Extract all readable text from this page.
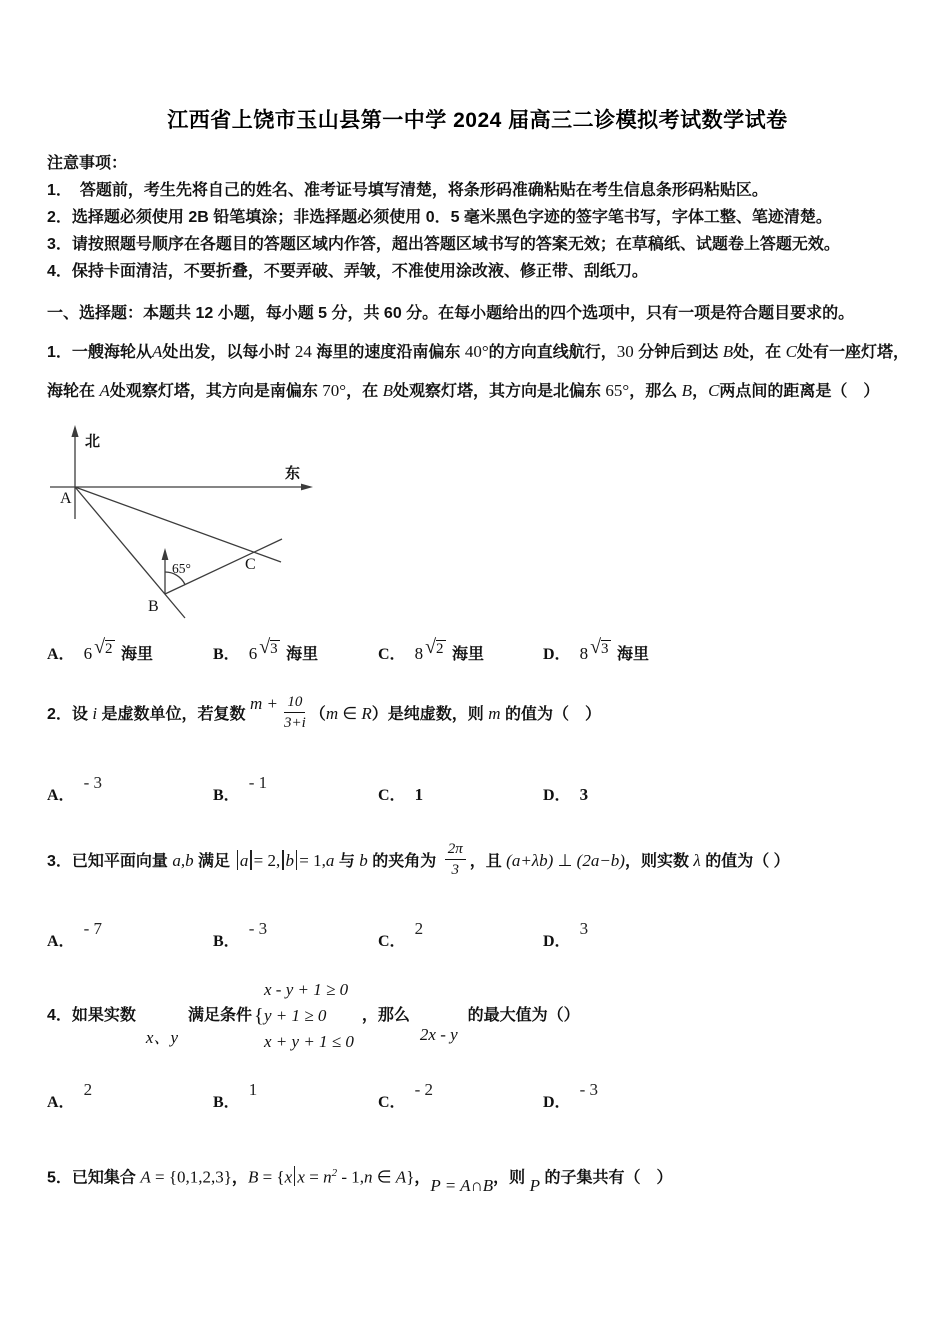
江西省上饶市玉山县第一中学 2024 届高三二诊模拟考试数学试卷
注意事项：
1．　答题前，考生先将自己的姓名、准考证号填写清楚，将条形码准确粘贴在考生信息条形码粘贴区。
2．选择题必须使用 2B 铅笔填涂；非选择题必须使用 0．5 毫米黑色字迹的签字笔书写，字体工整、笔迹清楚。
3．请按照题号顺序在各题目的答题区域内作答，超出答题区域书写的答案无效；在草稿纸、试题卷上答题无效。
4．保持卡面清洁，不要折叠，不要弄破、弄皱，不准使用涂改液、修正带、刮纸刀。
一、选择题：本题共 12 小题，每小题 5 分，共 60 分。在每小题给出的四个选项中，只有一项是符合题目要求的。

1．一艘海轮从A处出发，以每小时 24 海里的速度沿南偏东 40°的方向直线航行，30 分钟后到达 B处，在 C处有一座灯塔，海轮在 A处观察灯塔，其方向是南偏东 70°，在 B处观察灯塔，其方向是北偏东 65°，那么 B，C两点间的距离是（　）

北
东
A
B
C
65°
A． 6 √2 海里	B． 6 √3 海里	C． 8 √2 海里	D． 8 √3 海里

2．设 i 是虚数单位，若复数 $m + \frac{10}{3+i} (m$ ∈ R）是纯虚数，则 m 的值为（　）

A．- 3
B．- 1
C． 1	D． 3

3．已知平面向量 a,b 满足 a = 2, b = 1,a 与 b 的夹角为 $\frac{2\pi}{3}$ ，且 (a+λb) ⊥ (2a−b)，则实数 λ 的值为（ ）

A．- 7
B．- 3
C．2
D．3
4．如果实数
x、y
满足条件
x - y + 1 ≥ 0
{ y + 1 ≥ 0
x + y + 1 ≤ 0
，那么
2x - y
的最大值为（）
A．2
B．1
C．- 2
D．- 3

5．已知集合 A = {0,1,2,3}，B = {x $x = n^2 - 1,n$ ∈ A}，P = A∩B，则 P 的子集共有（　）
